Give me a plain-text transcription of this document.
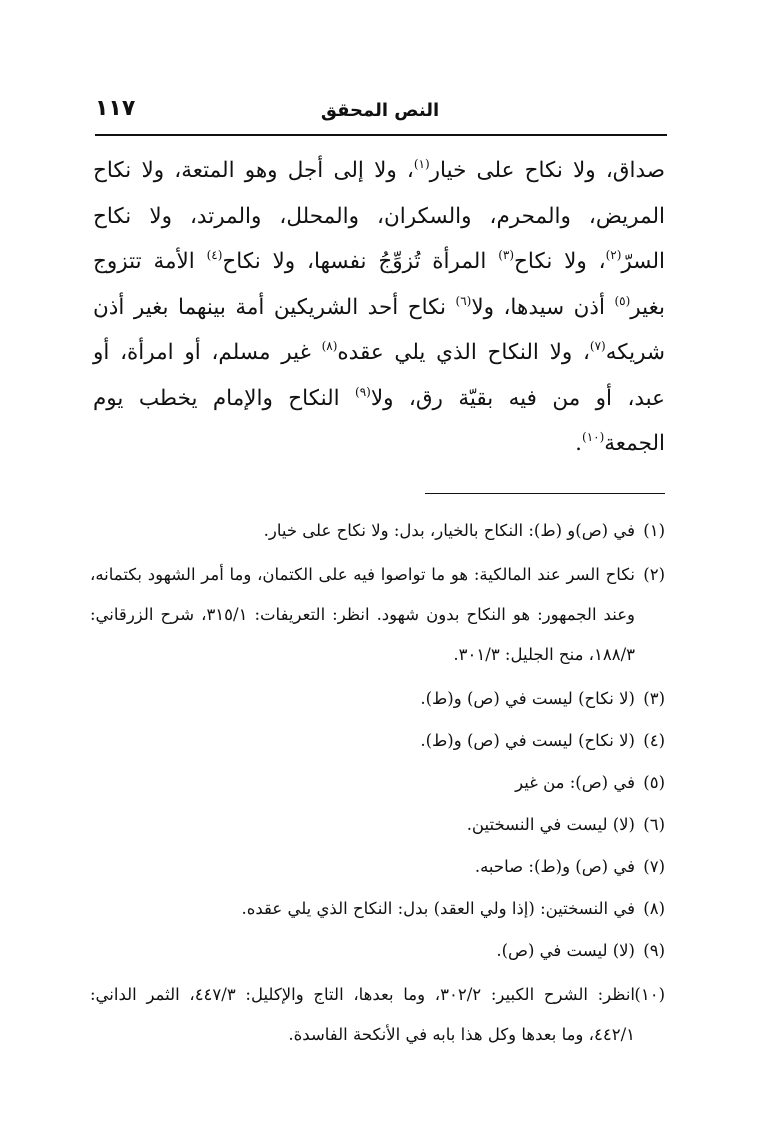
١١٧	النص المحقق

صداق، ولا نكاح على خيار$^{(١)}$، ولا إلى أجل وهو المتعة، ولا نكاح المريض، والمحرم، والسكران، والمحلل، والمرتد، ولا نكاح السرّ$^{(٢)}$، ولا نكاح$^{(٣)}$ المرأة تُزوِّجُ نفسها، ولا نكاح$^{(٤)}$ الأمة تتزوج بغير$^{(٥)}$ أذن سيدها، ولا$^{(٦)}$ نكاح أحد الشريكين أمة بينهما بغير أذن شريكه$^{(٧)}$، ولا النكاح الذي يلي عقده$^{(٨)}$ غير مسلم، أو امرأة، أو عبد، أو من فيه بقيّة رق، ولا$^{(٩)}$ النكاح والإمام يخطب يوم الجمعة$^{(١٠)}$.

(١)
في (ص)و (ط): النكاح بالخيار، بدل: ولا نكاح على خيار.
(٢)
نكاح السر عند المالكية: هو ما تواصوا فيه على الكتمان، وما أمر الشهود بكتمانه، وعند الجمهور: هو النكاح بدون شهود. انظر: التعريفات: ٣١٥/١، شرح الزرقاني: ١٨٨/٣، منح الجليل: ٣٠١/٣.
(٣)
(لا نكاح) ليست في (ص) و(ط).
(٤)
(لا نكاح) ليست في (ص) و(ط).
(٥)
في (ص): من غير
(٦)
(لا) ليست في النسختين.
(٧)
في (ص) و(ط): صاحبه.
(٨)
في النسختين: (إذا ولي العقد) بدل: النكاح الذي يلي عقده.
(٩)
(لا) ليست في (ص).
(١٠)
انظر: الشرح الكبير: ٣٠٢/٢، وما بعدها، التاج والإكليل: ٤٤٧/٣، الثمر الداني: ٤٤٢/١، وما بعدها وكل هذا بابه في الأنكحة الفاسدة.
